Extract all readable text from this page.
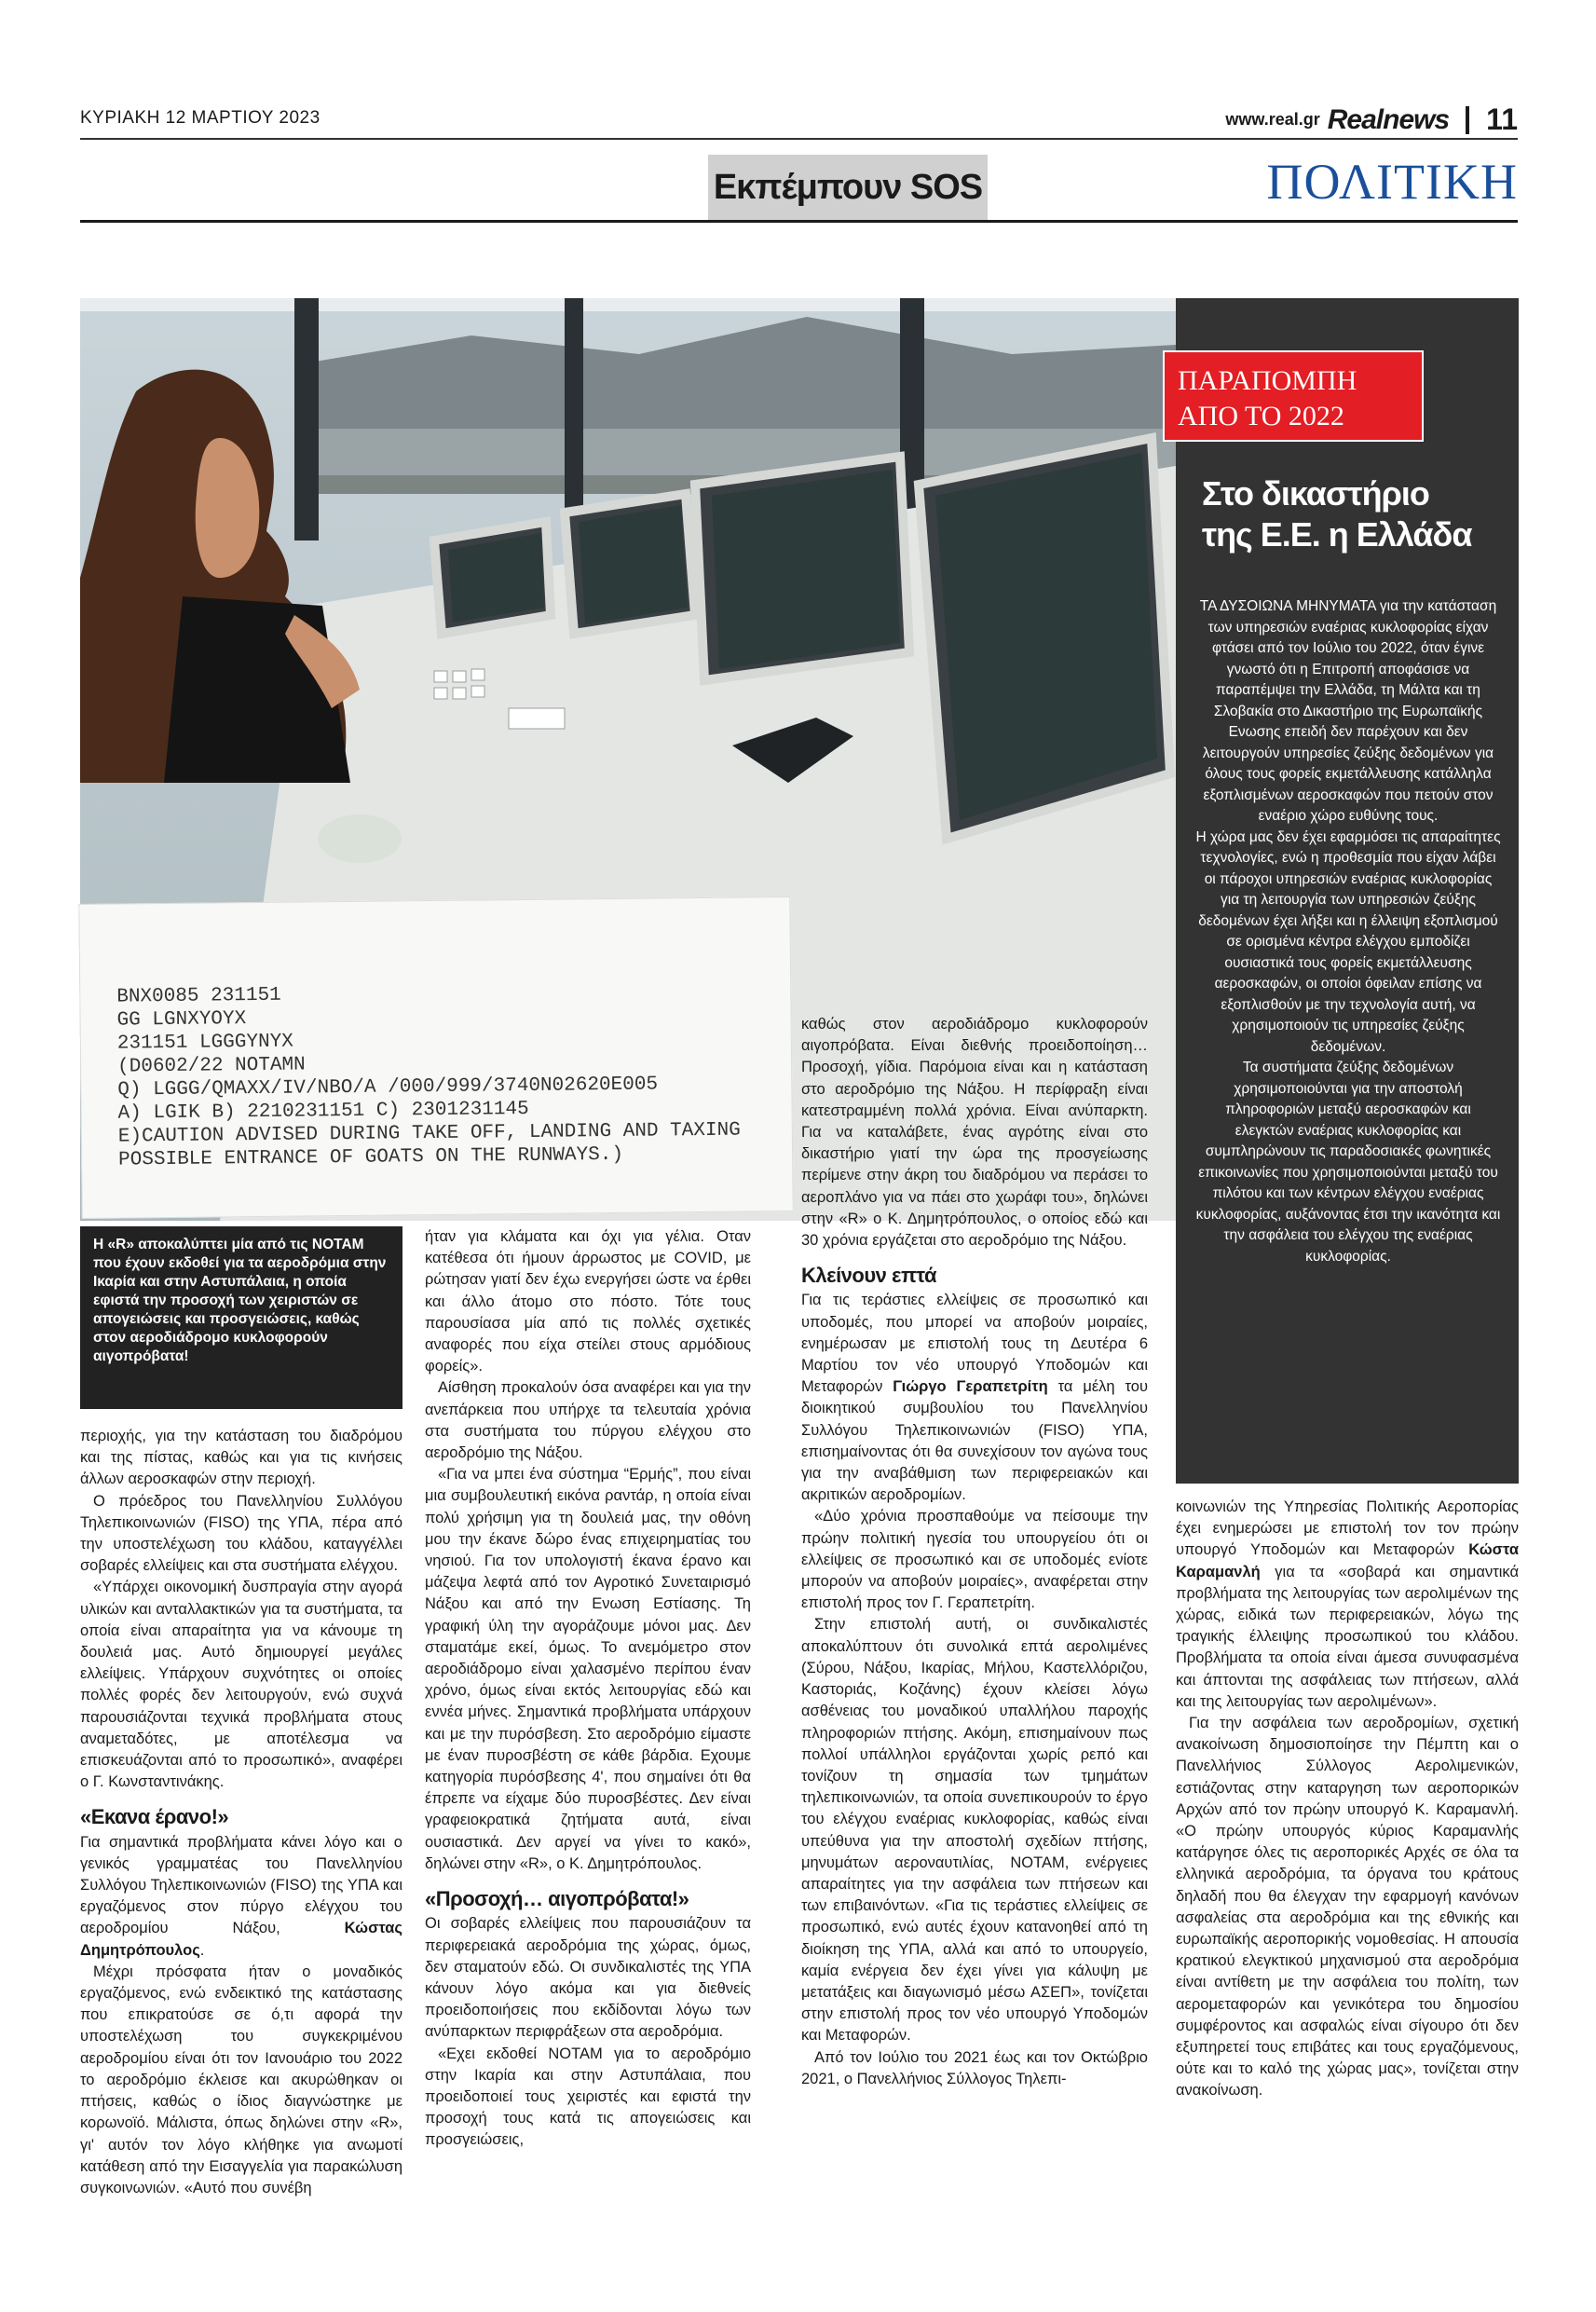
ΚΥΡΙΑΚΗ 12 ΜΑΡΤΙΟΥ 2023	www.real.gr Realnews 11
Εκπέμπουν SOS	ΠΟΛΙΤΙΚΗ
BNX0085 231151
GG LGNXYOYX
231151 LGGGYNYX
(D0602/22 NOTAMN
Q) LGGG/QMAXX/IV/NBO/A /000/999/3740N02620E005
A) LGIK B) 2210231151 C) 2301231145
E)CAUTION ADVISED DURING TAKE OFF, LANDING AND TAXING
POSSIBLE ENTRANCE OF GOATS ON THE RUNWAYS.)
Η «R» αποκαλύπτει μία από τις NOTAM που έχουν εκδοθεί για τα αεροδρόμια στην Ικαρία και στην Αστυπάλαια, η οποία εφιστά την προσοχή των χειριστών σε απογειώσεις και προσγειώσεις, καθώς στον αεροδιάδρομο κυκλοφορούν αιγοπρόβατα!
ΠΑΡΑΠΟΜΠΗ
ΑΠΟ ΤΟ 2022
Στο δικαστήριο
της Ε.Ε. η Ελλάδα

ΤΑ ΔΥΣΟΙΩΝΑ ΜΗΝΥΜΑΤΑ για την κατάσταση των υπηρεσιών εναέριας κυκλοφορίας είχαν φτάσει από τον Ιούλιο του 2022, όταν έγινε γνωστό ότι η Επιτροπή αποφάσισε να παραπέμψει την Ελλάδα, τη Μάλτα και τη Σλοβακία στο Δικαστήριο της Ευρωπαϊκής Ενωσης επειδή δεν παρέχουν και δεν λειτουργούν υπηρεσίες ζεύξης δεδομένων για όλους τους φορείς εκμετάλλευσης κατάλληλα εξοπλισμένων αεροσκαφών που πετούν στον εναέριο χώρο ευθύνης τους.

Η χώρα μας δεν έχει εφαρμόσει τις απαραίτητες τεχνολογίες, ενώ η προθεσμία που είχαν λάβει οι πάροχοι υπηρεσιών εναέριας κυκλοφορίας για τη λειτουργία των υπηρεσιών ζεύξης δεδομένων έχει λήξει και η έλλειψη εξοπλισμού σε ορισμένα κέντρα ελέγχου εμποδίζει ουσιαστικά τους φορείς εκμετάλλευσης αεροσκαφών, οι οποίοι όφειλαν επίσης να εξοπλισθούν με την τεχνολογία αυτή, να χρησιμοποιούν τις υπηρεσίες ζεύξης δεδομένων.

Τα συστήματα ζεύξης δεδομένων χρησιμοποιούνται για την αποστολή πληροφοριών μεταξύ αεροσκαφών και ελεγκτών εναέριας κυκλοφορίας και συμπληρώνουν τις παραδοσιακές φωνητικές επικοινωνίες που χρησιμοποιούνται μεταξύ του πιλότου και των κέντρων ελέγχου εναέριας κυκλοφορίας, αυξάνοντας έτσι την ικανότητα και την ασφάλεια του ελέγχου της εναέριας κυκλοφορίας.

περιοχής, για την κατάσταση του διαδρόμου και της πίστας, καθώς και για τις κινήσεις άλλων αεροσκαφών στην περιοχή.

Ο πρόεδρος του Πανελληνίου Συλλόγου Τηλεπικοινωνιών (FISO) της ΥΠΑ, πέρα από την υποστελέχωση του κλάδου, καταγγέλλει σοβαρές ελλείψεις και στα συστήματα ελέγχου.

«Υπάρχει οικονομική δυσπραγία στην αγορά υλικών και ανταλλακτικών για τα συστήματα, τα οποία είναι απαραίτητα για να κάνουμε τη δουλειά μας. Αυτό δημιουργεί μεγάλες ελλείψεις. Υπάρχουν συχνότητες οι οποίες πολλές φορές δεν λειτουργούν, ενώ συχνά παρουσιάζονται τεχνικά προβλήματα στους αναμεταδότες, με αποτέλεσμα να επισκευάζονται από το προσωπικό», αναφέρει ο Γ. Κωνσταντινάκης.

«Εκανα έρανο!»

Για σημαντικά προβλήματα κάνει λόγο και ο γενικός γραμματέας του Πανελληνίου Συλλόγου Τηλεπικοινωνιών (FISO) της ΥΠΑ και εργαζόμενος στον πύργο ελέγχου του αεροδρομίου Νάξου, Κώστας Δημητρόπουλος.

Μέχρι πρόσφατα ήταν ο μοναδικός εργαζόμενος, ενώ ενδεικτικό της κατάστασης που επικρατούσε σε ό,τι αφορά την υποστελέχωση του συγκεκριμένου αεροδρομίου είναι ότι τον Ιανουάριο του 2022 το αεροδρόμιο έκλεισε και ακυρώθηκαν οι πτήσεις, καθώς ο ίδιος διαγνώστηκε με κορωνοϊό. Μάλιστα, όπως δηλώνει στην «R», γι' αυτόν τον λόγο κλήθηκε για ανωμοτί κατάθεση από την Εισαγγελία για παρακώλυση συγκοινωνιών. «Αυτό που συνέβη

ήταν για κλάματα και όχι για γέλια. Οταν κατέθεσα ότι ήμουν άρρωστος με COVID, με ρώτησαν γιατί δεν έχω ενεργήσει ώστε να έρθει και άλλο άτομο στο πόστο. Τότε τους παρουσίασα μία από τις πολλές σχετικές αναφορές που είχα στείλει στους αρμόδιους φορείς».

Αίσθηση προκαλούν όσα αναφέρει και για την ανεπάρκεια που υπήρχε τα τελευταία χρόνια στα συστήματα του πύργου ελέγχου στο αεροδρόμιο της Νάξου.

«Για να μπει ένα σύστημα “Ερμής”, που είναι μια συμβουλευτική εικόνα ραντάρ, η οποία είναι πολύ χρήσιμη για τη δουλειά μας, την οθόνη μου την έκανε δώρο ένας επιχειρηματίας του νησιού. Για τον υπολογιστή έκανα έρανο και μάζεψα λεφτά από τον Αγροτικό Συνεταιρισμό Νάξου και από την Ενωση Εστίασης. Τη γραφική ύλη την αγοράζουμε μόνοι μας. Δεν σταματάμε εκεί, όμως. Το ανεμόμετρο στον αεροδιάδρομο είναι χαλασμένο περίπου έναν χρόνο, όμως είναι εκτός λειτουργίας εδώ και εννέα μήνες. Σημαντικά προβλήματα υπάρχουν και με την πυρόσβεση. Στο αεροδρόμιο είμαστε με έναν πυροσβέστη σε κάθε βάρδια. Εχουμε κατηγορία πυρόσβεσης 4', που σημαίνει ότι θα έπρεπε να είχαμε δύο πυροσβέστες. Δεν είναι γραφειοκρατικά ζητήματα αυτά, είναι ουσιαστικά. Δεν αργεί να γίνει το κακό», δηλώνει στην «R», ο Κ. Δημητρόπουλος.

«Προσοχή… αιγοπρόβατα!»

Οι σοβαρές ελλείψεις που παρουσιάζουν τα περιφερειακά αεροδρόμια της χώρας, όμως, δεν σταματούν εδώ. Οι συνδικαλιστές της ΥΠΑ κάνουν λόγο ακόμα και για διεθνείς προειδοποιήσεις που εκδίδονται λόγω των ανύπαρκτων περιφράξεων στα αεροδρόμια.

«Εχει εκδοθεί NOTAM για το αεροδρόμιο στην Ικαρία και στην Αστυπάλαια, που προειδοποιεί τους χειριστές και εφιστά την προσοχή τους κατά τις απογειώσεις και προσγειώσεις,

καθώς στον αεροδιάδρομο κυκλοφορούν αιγοπρόβατα. Είναι διεθνής προειδοποίηση… Προσοχή, γίδια. Παρόμοια είναι και η κατάσταση στο αεροδρόμιο της Νάξου. Η περίφραξη είναι κατεστραμμένη πολλά χρόνια. Είναι ανύπαρκτη. Για να καταλάβετε, ένας αγρότης είναι στο δικαστήριο γιατί την ώρα της προσγείωσης περίμενε στην άκρη του διαδρόμου να περάσει το αεροπλάνο για να πάει στο χωράφι του», δηλώνει στην «R» ο Κ. Δημητρόπουλος, ο οποίος εδώ και 30 χρόνια εργάζεται στο αεροδρόμιο της Νάξου.

Κλείνουν επτά

Για τις τεράστιες ελλείψεις σε προσωπικό και υποδομές, που μπορεί να αποβούν μοιραίες, ενημέρωσαν με επιστολή τους τη Δευτέρα 6 Μαρτίου τον νέο υπουργό Υποδομών και Μεταφορών Γιώργο Γεραπετρίτη τα μέλη του διοικητικού συμβουλίου του Πανελληνίου Συλλόγου Τηλεπικοινωνιών (FISO) ΥΠΑ, επισημαίνοντας ότι θα συνεχίσουν τον αγώνα τους για την αναβάθμιση των περιφερειακών και ακριτικών αεροδρομίων.

«Δύο χρόνια προσπαθούμε να πείσουμε την πρώην πολιτική ηγεσία του υπουργείου ότι οι ελλείψεις σε προσωπικό και σε υποδομές ενίοτε μπορούν να αποβούν μοιραίες», αναφέρεται στην επιστολή προς τον Γ. Γεραπετρίτη.

Στην επιστολή αυτή, οι συνδικαλιστές αποκαλύπτουν ότι συνολικά επτά αερολιμένες (Σύρου, Νάξου, Ικαρίας, Μήλου, Καστελλόριζου, Καστοριάς, Κοζάνης) έχουν κλείσει λόγω ασθένειας του μοναδικού υπαλλήλου παροχής πληροφοριών πτήσης. Ακόμη, επισημαίνουν πως πολλοί υπάλληλοι εργάζονται χωρίς ρεπό και τονίζουν τη σημασία των τμημάτων τηλεπικοινωνιών, τα οποία συνεπικουρούν το έργο του ελέγχου εναέριας κυκλοφορίας, καθώς είναι υπεύθυνα για την αποστολή σχεδίων πτήσης, μηνυμάτων αεροναυτιλίας, NOTAM, ενέργειες απαραίτητες για την ασφάλεια των πτήσεων και των επιβαινόντων. «Για τις τεράστιες ελλείψεις σε προσωπικό, ενώ αυτές έχουν κατανοηθεί από τη διοίκηση της ΥΠΑ, αλλά και από το υπουργείο, καμία ενέργεια δεν έχει γίνει για κάλυψη με μετατάξεις και διαγωνισμό μέσω ΑΣΕΠ», τονίζεται στην επιστολή προς τον νέο υπουργό Υποδομών και Μεταφορών.

Από τον Ιούλιο του 2021 έως και τον Οκτώβριο 2021, ο Πανελλήνιος Σύλλογος Τηλεπι-

κοινωνιών της Υπηρεσίας Πολιτικής Αεροπορίας έχει ενημερώσει με επιστολή τον τον πρώην υπουργό Υποδομών και Μεταφορών Κώστα Καραμανλή για τα «σοβαρά και σημαντικά προβλήματα της λειτουργίας των αερολιμένων της χώρας, ειδικά των περιφερειακών, λόγω της τραγικής έλλειψης προσωπικού του κλάδου. Προβλήματα τα οποία είναι άμεσα συνυφασμένα και άπτονται της ασφάλειας των πτήσεων, αλλά και της λειτουργίας των αερολιμένων».

Για την ασφάλεια των αεροδρομίων, σχετική ανακοίνωση δημοσιοποίησε την Πέμπτη και ο Πανελλήνιος Σύλλογος Αερολιμενικών, εστιάζοντας στην καταργηση των αεροπορικών Αρχών από τον πρώην υπουργό Κ. Καραμανλή. «Ο πρώην υπουργός κύριος Καραμανλής κατάργησε όλες τις αεροπορικές Αρχές σε όλα τα ελληνικά αεροδρόμια, τα όργανα του κράτους δηλαδή που θα έλεγχαν την εφαρμογή κανόνων ασφαλείας στα αεροδρόμια και της εθνικής και ευρωπαϊκής αεροπορικής νομοθεσίας. Η απουσία κρατικού ελεγκτικού μηχανισμού στα αεροδρόμια είναι αντίθετη με την ασφάλεια του πολίτη, των αερομεταφορών και γενικότερα του δημοσίου συμφέροντος και ασφαλώς είναι σίγουρο ότι δεν εξυπηρετεί τους επιβάτες και τους εργαζόμενους, ούτε και το καλό της χώρας μας», τονίζεται στην ανακοίνωση.
